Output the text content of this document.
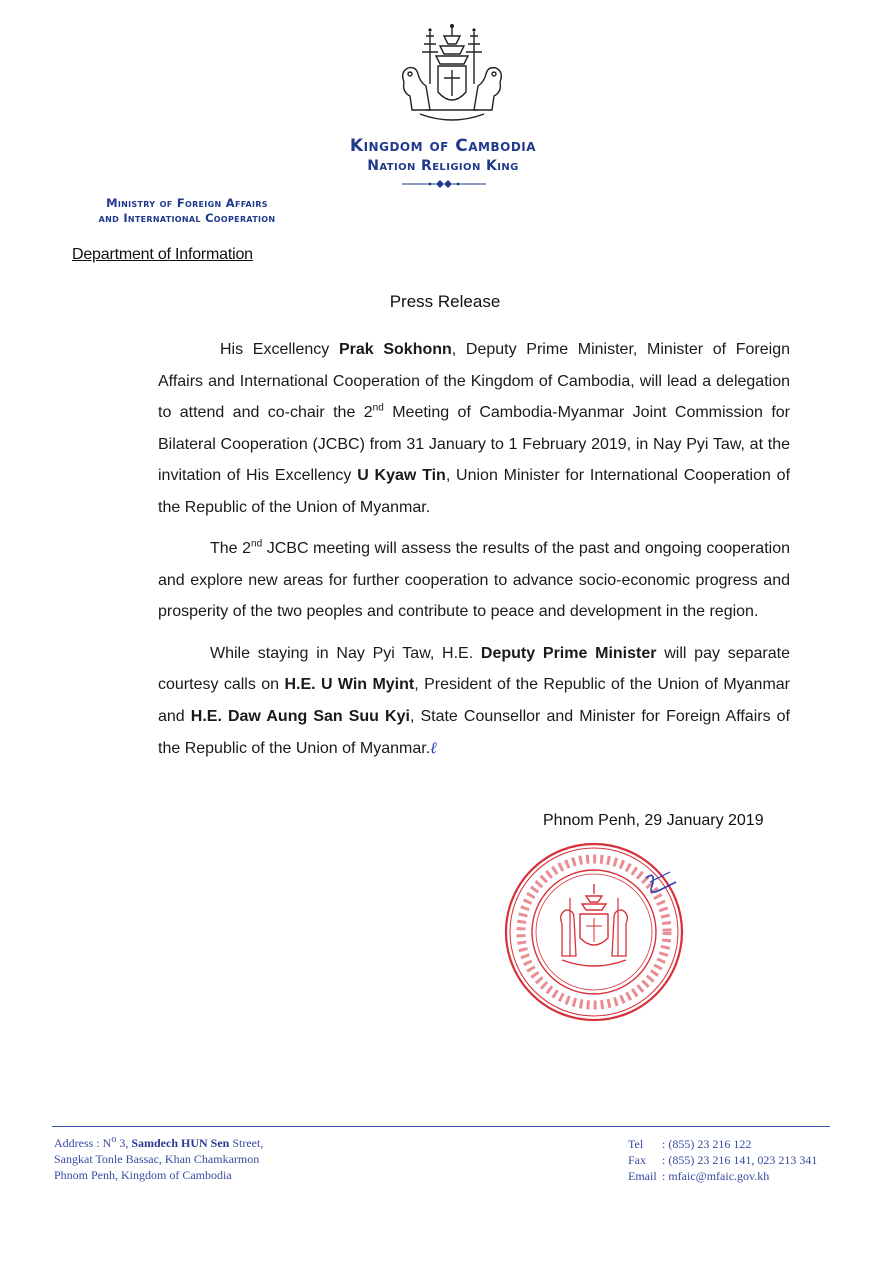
Kingdom of Cambodia
Nation Religion King
Ministry of Foreign Affairs
and International Cooperation
Department of Information
Press Release

His Excellency Prak Sokhonn, Deputy Prime Minister, Minister of Foreign Affairs and International Cooperation of the Kingdom of Cambodia, will lead a delegation to attend and co-chair the 2nd Meeting of Cambodia-Myanmar Joint Commission for Bilateral Cooperation (JCBC) from 31 January to 1 February 2019, in Nay Pyi Taw, at the invitation of His Excellency U Kyaw Tin, Union Minister for International Cooperation of the Republic of the Union of Myanmar.

The 2nd JCBC meeting will assess the results of the past and ongoing cooperation and explore new areas for further cooperation to advance socio-economic progress and prosperity of the two peoples and contribute to peace and development in the region.

While staying in Nay Pyi Taw, H.E. Deputy Prime Minister will pay separate courtesy calls on H.E. U Win Myint, President of the Republic of the Union of Myanmar and H.E. Daw Aung San Suu Kyi, State Counsellor and Minister for Foreign Affairs of the Republic of the Union of Myanmar.ℓ

Phnom Penh, 29 January 2019
Address : $N^o$ 3, Samdech HUN Sen Street,
Sangkat Tonle Bassac, Khan Chamkarmon
Phnom Penh, Kingdom of Cambodia
Tel : (855) 23 216 122
Fax : (855) 23 216 141, 023 213 341
Email : mfaic@mfaic.gov.kh
